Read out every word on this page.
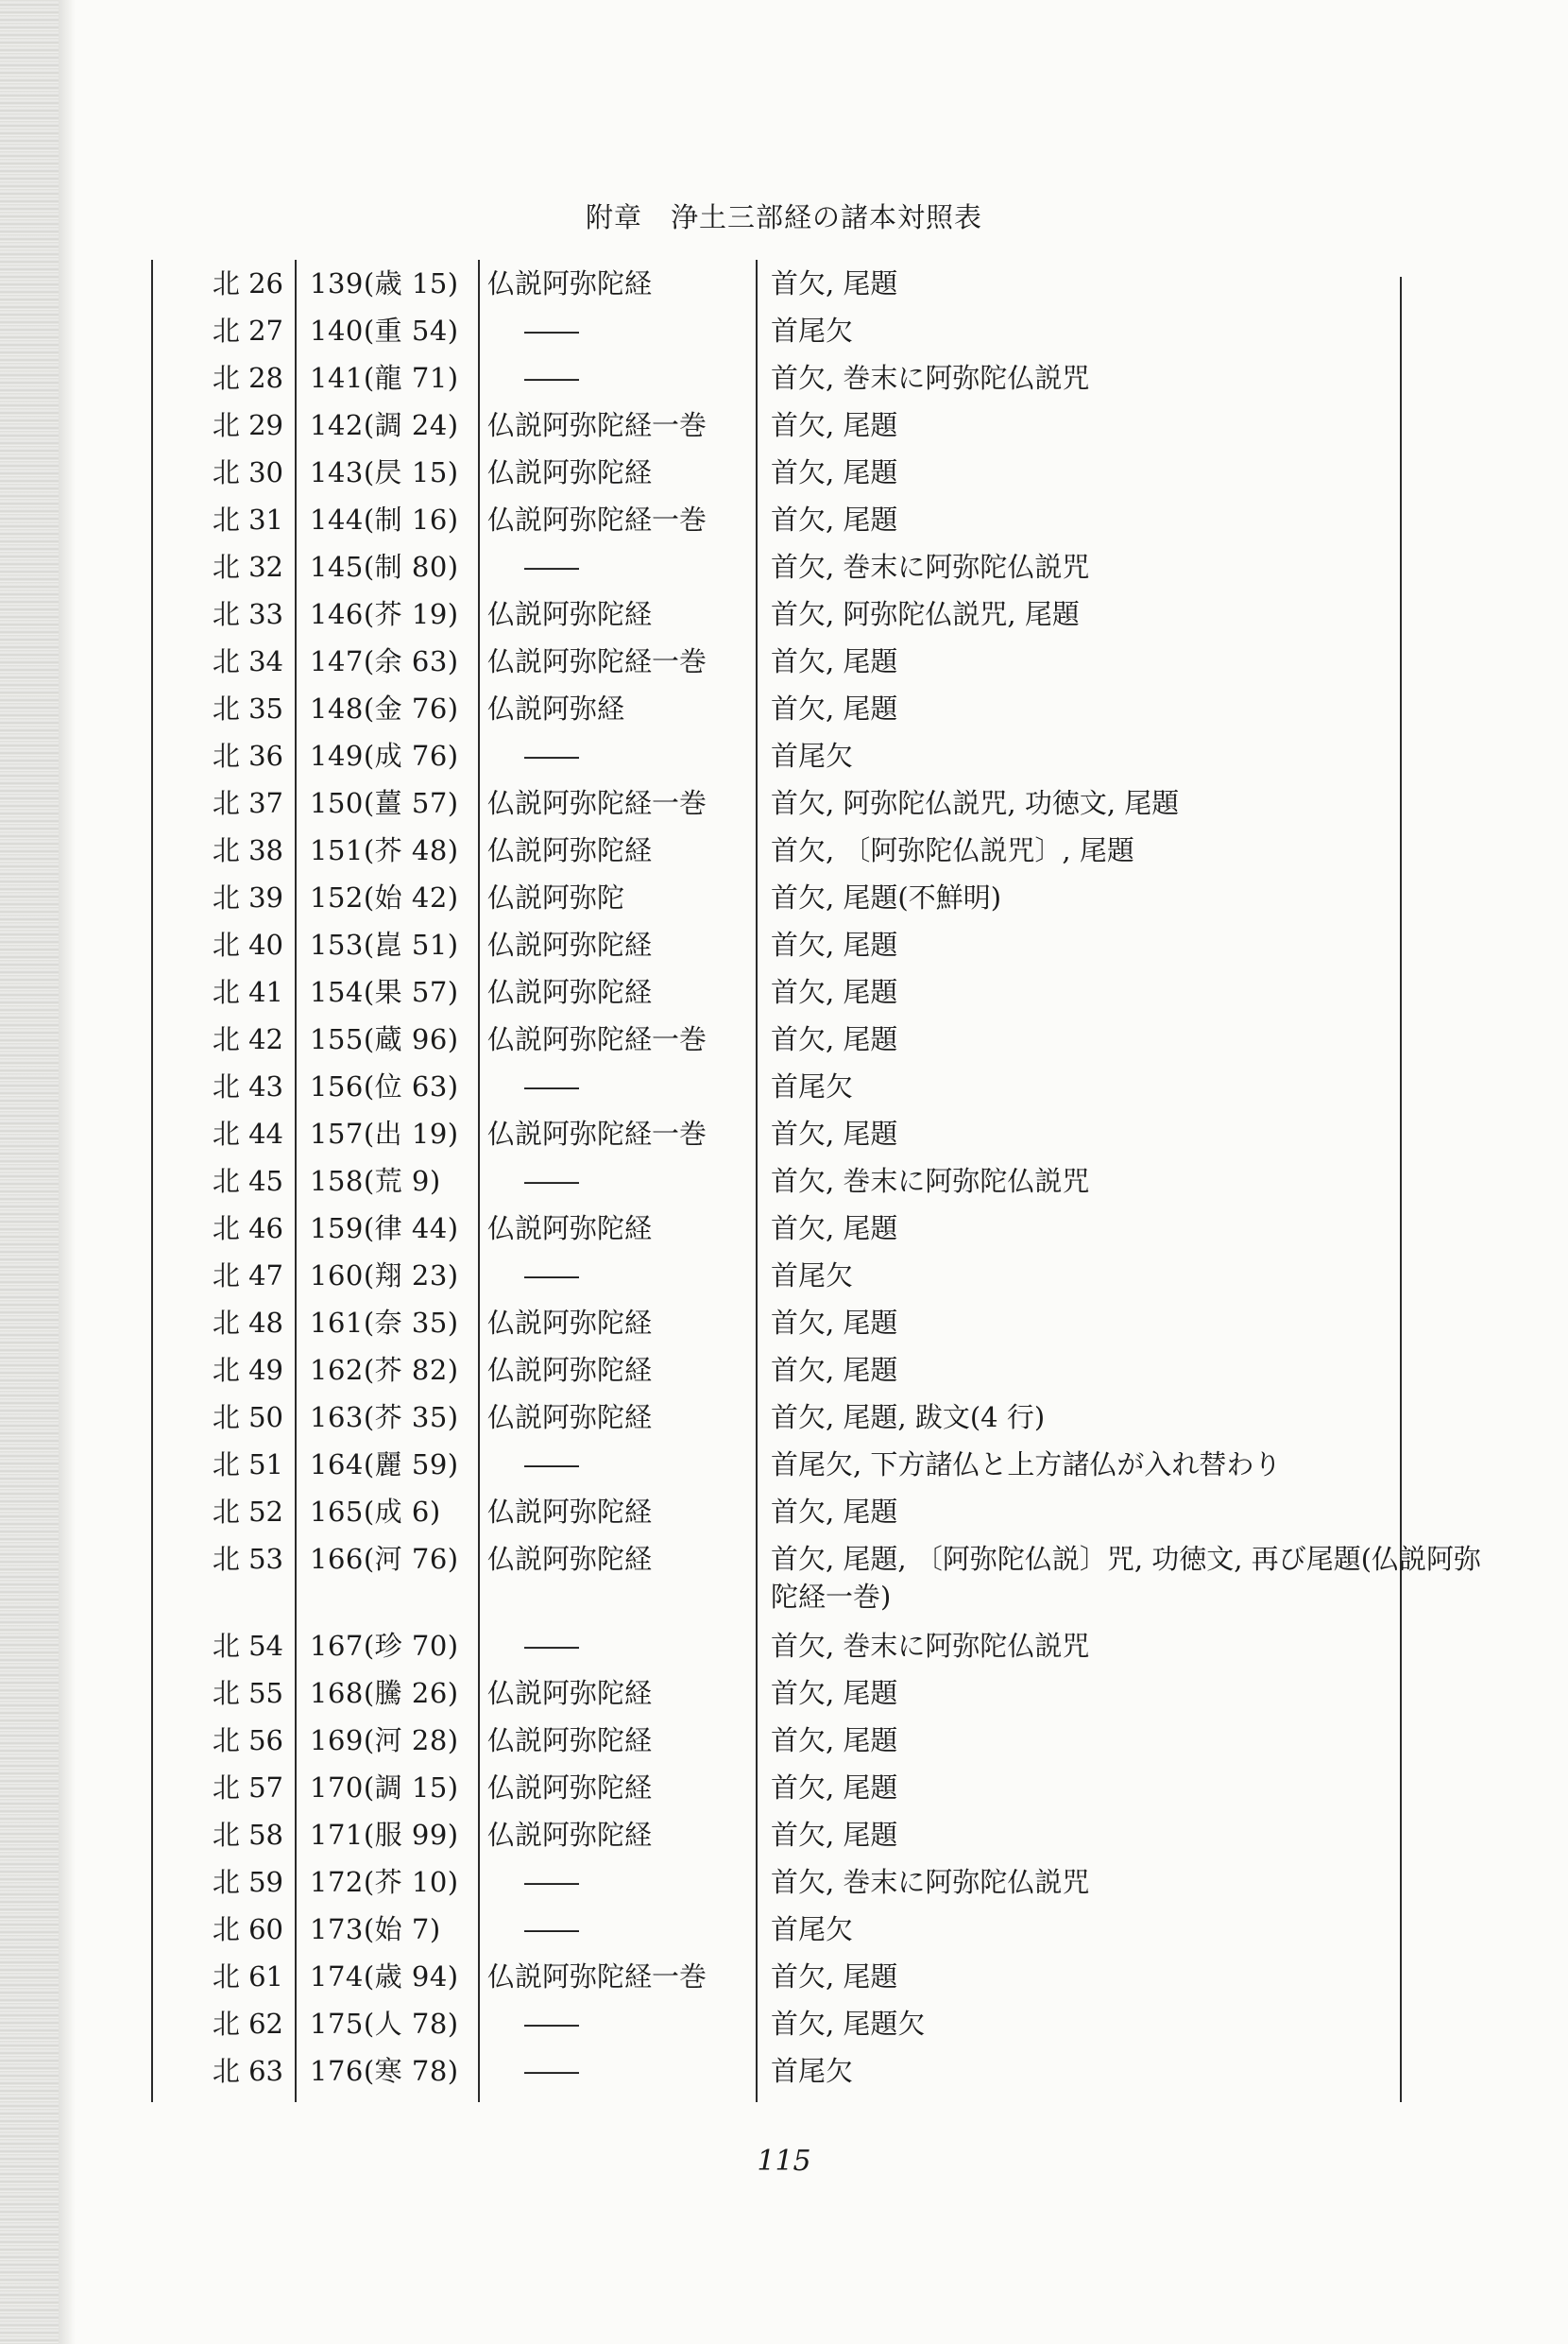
附章　浄土三部経の諸本対照表
北 26 139(歳 15)	仏説阿弥陀経	首欠, 尾題
北 27 140(重 54)	――	首尾欠
北 28 141(龍 71)	――	首欠, 巻末に阿弥陀仏説咒
北 29 142(調 24)	仏説阿弥陀経一巻	首欠, 尾題
北 30 143(昃 15)	仏説阿弥陀経	首欠, 尾題
北 31 144(制 16)	仏説阿弥陀経一巻	首欠, 尾題
北 32 145(制 80)	――	首欠, 巻末に阿弥陀仏説咒
北 33 146(芥 19)	仏説阿弥陀経	首欠, 阿弥陀仏説咒, 尾題
北 34 147(余 63)	仏説阿弥陀経一巻	首欠, 尾題
北 35 148(金 76)	仏説阿弥経	首欠, 尾題
北 36 149(成 76)	――	首尾欠
北 37 150(薑 57)	仏説阿弥陀経一巻	首欠, 阿弥陀仏説咒, 功徳文, 尾題
北 38 151(芥 48)	仏説阿弥陀経	首欠, 〔阿弥陀仏説咒〕, 尾題
北 39 152(始 42)	仏説阿弥陀	首欠, 尾題(不鮮明)
北 40 153(崑 51)	仏説阿弥陀経	首欠, 尾題
北 41 154(果 57)	仏説阿弥陀経	首欠, 尾題
北 42 155(蔵 96)	仏説阿弥陀経一巻	首欠, 尾題
北 43 156(位 63)	――	首尾欠
北 44 157(出 19)	仏説阿弥陀経一巻	首欠, 尾題
北 45 158(荒 9)	――	首欠, 巻末に阿弥陀仏説咒
北 46 159(律 44)	仏説阿弥陀経	首欠, 尾題
北 47 160(翔 23)	――	首尾欠
北 48 161(奈 35)	仏説阿弥陀経	首欠, 尾題
北 49 162(芥 82)	仏説阿弥陀経	首欠, 尾題
北 50 163(芥 35)	仏説阿弥陀経	首欠, 尾題, 跋文(4 行)
北 51 164(麗 59)	――	首尾欠, 下方諸仏と上方諸仏が入れ替わり
北 52 165(成 6)	仏説阿弥陀経	首欠, 尾題
北 53 166(河 76)	仏説阿弥陀経	首欠, 尾題, 〔阿弥陀仏説〕咒, 功徳文, 再び尾題(仏説阿弥陀経一巻)
北 54 167(珍 70)	――	首欠, 巻末に阿弥陀仏説咒
北 55 168(騰 26)	仏説阿弥陀経	首欠, 尾題
北 56 169(河 28)	仏説阿弥陀経	首欠, 尾題
北 57 170(調 15)	仏説阿弥陀経	首欠, 尾題
北 58 171(服 99)	仏説阿弥陀経	首欠, 尾題
北 59 172(芥 10)	――	首欠, 巻末に阿弥陀仏説咒
北 60 173(始 7)	――	首尾欠
北 61 174(歳 94)	仏説阿弥陀経一巻	首欠, 尾題
北 62 175(人 78)	――	首欠, 尾題欠
北 63 176(寒 78)	――	首尾欠
115
